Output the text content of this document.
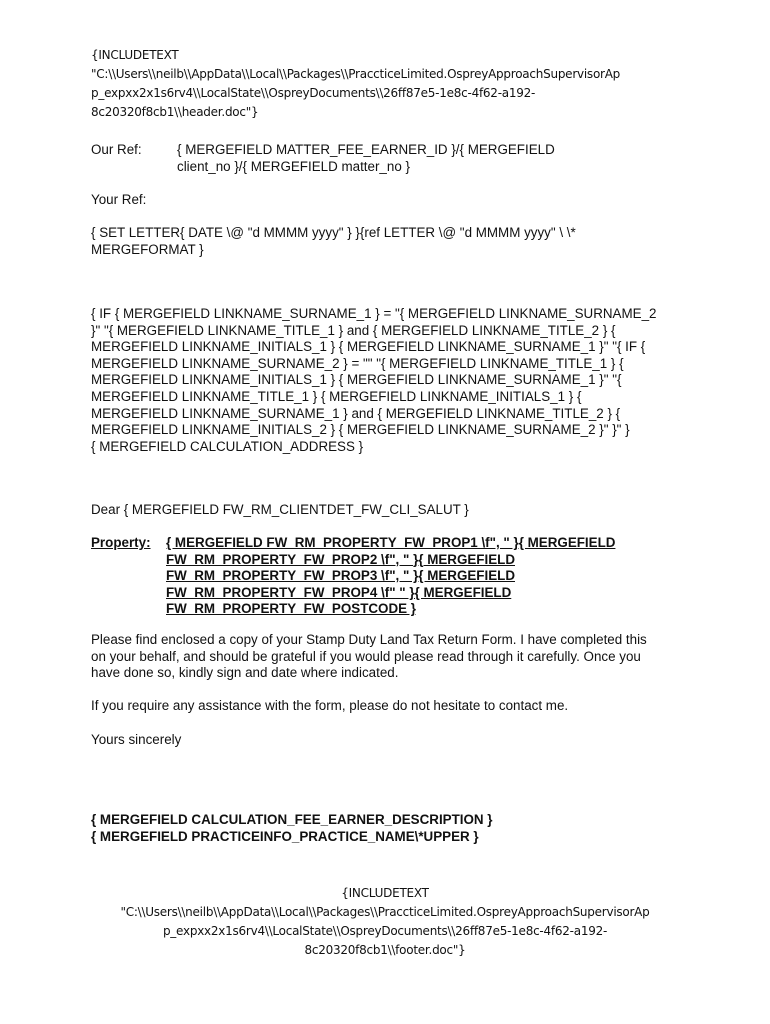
{INCLUDETEXT
"C:\\Users\\neilb\\AppData\\Local\\Packages\\PraccticeLimited.OspreyApproachSupervisorAp
p_expxx2x1s6rv4\\LocalState\\OspreyDocuments\\26ff87e5-1e8c-4f62-a192-
8c20320f8cb1\\header.doc"}
Our Ref:	{ MERGEFIELD MATTER_FEE_EARNER_ID }/{ MERGEFIELD
client_no }/{ MERGEFIELD matter_no }
Your Ref:
{ SET LETTER{ DATE \@ "d MMMM yyyy" } }{ref LETTER \@ "d MMMM yyyy" \ \*
MERGEFORMAT }
{ IF { MERGEFIELD LINKNAME_SURNAME_1 } = "{ MERGEFIELD LINKNAME_SURNAME_2
}" "{ MERGEFIELD LINKNAME_TITLE_1 } and { MERGEFIELD LINKNAME_TITLE_2 } {
MERGEFIELD LINKNAME_INITIALS_1 } { MERGEFIELD LINKNAME_SURNAME_1 }" "{ IF {
MERGEFIELD LINKNAME_SURNAME_2 } = "" "{ MERGEFIELD LINKNAME_TITLE_1 } {
MERGEFIELD LINKNAME_INITIALS_1 } { MERGEFIELD LINKNAME_SURNAME_1 }" "{
MERGEFIELD LINKNAME_TITLE_1 } { MERGEFIELD LINKNAME_INITIALS_1 } {
MERGEFIELD LINKNAME_SURNAME_1 } and { MERGEFIELD LINKNAME_TITLE_2 } {
MERGEFIELD LINKNAME_INITIALS_2 } { MERGEFIELD LINKNAME_SURNAME_2 }" }" }
{ MERGEFIELD CALCULATION_ADDRESS }
Dear { MERGEFIELD FW_RM_CLIENTDET_FW_CLI_SALUT }
Property: { MERGEFIELD FW_RM_PROPERTY_FW_PROP1 \f", " }{ MERGEFIELD
FW_RM_PROPERTY_FW_PROP2 \f", " }{ MERGEFIELD
FW_RM_PROPERTY_FW_PROP3 \f", " }{ MERGEFIELD
FW_RM_PROPERTY_FW_PROP4 \f" " }{ MERGEFIELD
FW_RM_PROPERTY_FW_POSTCODE }
Please find enclosed a copy of your Stamp Duty Land Tax Return Form. I have completed this
on your behalf, and should be grateful if you would please read through it carefully. Once you
have done so, kindly sign and date where indicated.
If you require any assistance with the form, please do not hesitate to contact me.
Yours sincerely
{ MERGEFIELD CALCULATION_FEE_EARNER_DESCRIPTION }
{ MERGEFIELD PRACTICEINFO_PRACTICE_NAME\*UPPER }
{INCLUDETEXT
"C:\\Users\\neilb\\AppData\\Local\\Packages\\PraccticeLimited.OspreyApproachSupervisorAp
p_expxx2x1s6rv4\\LocalState\\OspreyDocuments\\26ff87e5-1e8c-4f62-a192-
8c20320f8cb1\\footer.doc"}
